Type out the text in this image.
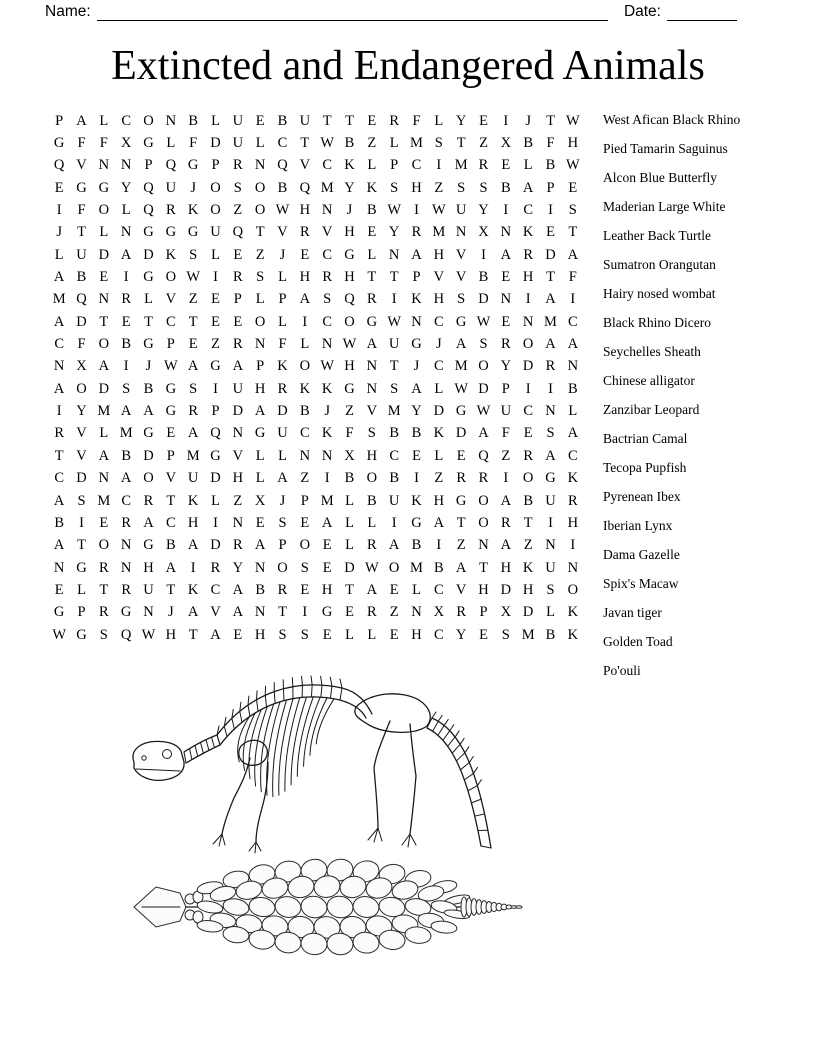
Name:	Date:
Extincted and Endangered Animals
P A L C O N B L U E B U T T E R F L Y E	I	J	T W
G F F X G L F D U L C T W B Z L M S T Z X B F H
Q V N N P Q G P R N Q V C K L P C	I M R E L B W
E G G Y Q U J O S O B Q M Y K S H Z S S B A P E
I	F O L Q R K O Z O W H N J	B W I W U Y	I	C	I	S
J	T L N G G G U Q T V R V H E Y R M N X N K E T
L U D A D K S L E Z	J	E C G L N A H V	I	A R D A
A B E	I	G O W I	R S L H R H T T P V V B E H T F
M Q N R L V Z E P L P A S Q R	I	K H S D N	I	A	I
A D T E T C T E E O L	I	C O G W N C G W E N M C
C F O B G P E Z R N F L N W A U G J A S R O A A
N X A	I	J W A G A P K O W H N T	J	C M O Y D R N
A O D S B G S	I	U H R K K G N S A L W D P	I	I	B
I	Y M A A G R P D A D B	J	Z V M Y D G W U C N L
R V L M G E A Q N G U C K F S B B K D A F E S A
T V A B D P M G V L L N N X H C E L E Q Z R A C
C D N A O V U D H L A Z	I	B O B	I	Z R R	I	O G K
A S M C R T K L Z X J	P M L B U K H G O A B U R
B	I	E R A C H	I	N E S E A L L	I	G A T O R T	I	H
A T O N G B A D R A P O E L R A B	I	Z N A Z N	I
N G R N H A	I	R Y N O S E D W O M B A T H K U N
E L T R U T K C A B R E H T A E L C V H D H S O
G P R G N J A V A N T	I	G E R Z N X R P X D L K
W G S Q W H T A E H S S E L L E H C Y E S M B K
West Afican Black Rhino
Pied Tamarin Saguinus
Alcon Blue Butterfly
Maderian Large White
Leather Back Turtle
Sumatron Orangutan
Hairy nosed wombat
Black Rhino Dicero
Seychelles Sheath
Chinese alligator
Zanzibar Leopard
Bactrian Camal
Tecopa Pupfish
Pyrenean Ibex
Iberian Lynx
Dama Gazelle
Spix's Macaw
Javan tiger
Golden Toad
Po'ouli
